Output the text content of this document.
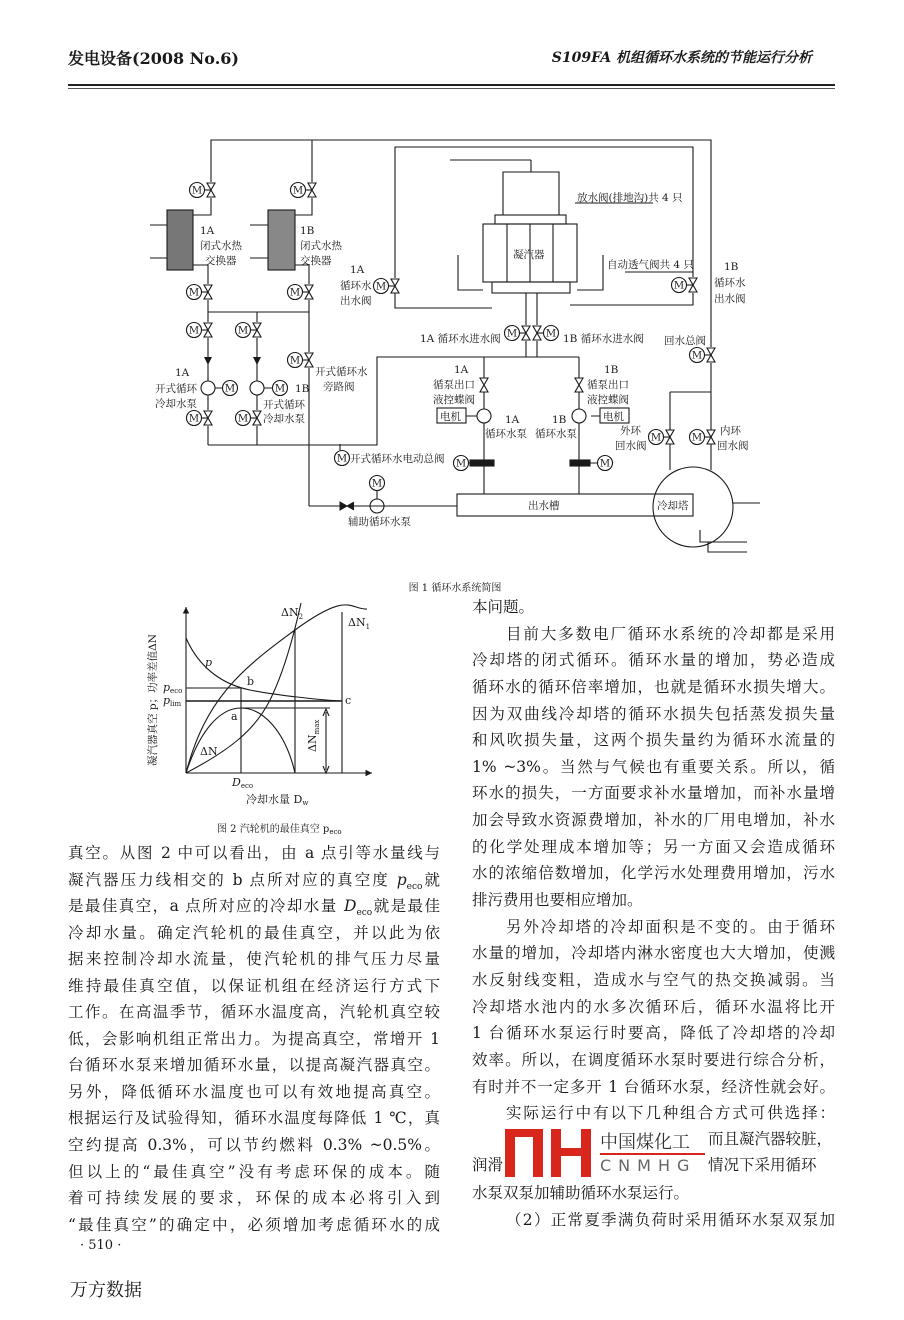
发电设备(2008 No.6)	S109FA 机组循环水系统的节能运行分析
M	M
M	M
M	M
M	M
M
M	M
M	M
M
M	M
M	M
M	M	M
M
1A
闭式水热
交换器
1B
闭式水热
交换器
1A
循环水
出水阀
1B
循环水
出水阀
凝汽器
放水阀(排地沟)共 4 只
自动透气阀共 4 只
1A 循环水进水阀	1B 循环水进水阀 回水总阀
1A
开式循环
冷却水泵
1B
开式循环
冷却水泵
开式循环水
旁路阀
1A
循泵出口
液控蝶阀
1B
循泵出口
液控蝶阀
电机	电机
1A
循环水泵
1B
循环水泵
开式循环水电动总阀
外环
回水阀
内环
回水阀
辅助循环水泵
出水槽	冷却塔
图 1 循环水系统简图
$\Delta N_2$	$\Delta N_1$
p
b
c
a
ΔN
peco
plim
$\Delta N_{max}$
Deco
冷却水量 Dw
凝汽器真空 p；功率差值ΔN
图 2 汽轮机的最佳真空 $p_{eco}$
真空。从图 2 中可以看出，由 a 点引等水量线与
凝汽器压力线相交的 b 点所对应的真空度 $p_{eco}$就
是最佳真空，a 点所对应的冷却水量 $D_{eco}$就是最佳
冷却水量。确定汽轮机的最佳真空，并以此为依
据来控制冷却水流量，使汽轮机的排气压力尽量
维持最佳真空值，以保证机组在经济运行方式下
工作。在高温季节，循环水温度高，汽轮机真空较
低，会影响机组正常出力。为提高真空，常增开 1
台循环水泵来增加循环水量，以提高凝汽器真空。
另外，降低循环水温度也可以有效地提高真空。
根据运行及试验得知，循环水温度每降低 1 ℃，真
空约提高 0.3%，可以节约燃料 0.3% ~0.5%。
但以上的“最佳真空”没有考虑环保的成本。随
着可持续发展的要求，环保的成本必将引入到
“最佳真空”的确定中，必须增加考虑循环水的成
本问题。
目前大多数电厂循环水系统的冷却都是采用
冷却塔的闭式循环。循环水量的增加，势必造成
循环水的循环倍率增加，也就是循环水损失增大。
因为双曲线冷却塔的循环水损失包括蒸发损失量
和风吹损失量，这两个损失量约为循环水流量的
1% ~3%。当然与气候也有重要关系。所以，循
环水的损失，一方面要求补水量增加，而补水量增
加会导致水资源费增加，补水的厂用电增加，补水
的化学处理成本增加等；另一方面又会造成循环
水的浓缩倍数增加，化学污水处理费用增加，污水
排污费用也要相应增加。
另外冷却塔的冷却面积是不变的。由于循环
水量的增加，冷却塔内淋水密度也大大增加，使溅
水反射线变粗，造成水与空气的热交换减弱。当
冷却塔水池内的水多次循环后，循环水温将比开
1 台循环水泵运行时要高，降低了冷却塔的冷却
效率。所以，在调度循环水泵时要进行综合分析，
有时并不一定多开 1 台循环水泵，经济性就会好。
实际运行中有以下几种组合方式可供选择：
水泵双泵加辅助循环水泵运行。
（2）正常夏季满负荷时采用循环水泵双泵加
而且凝汽器较脏，
润滑	情况下采用循环
中国煤化工
CNMHG
· 510 ·
万方数据
